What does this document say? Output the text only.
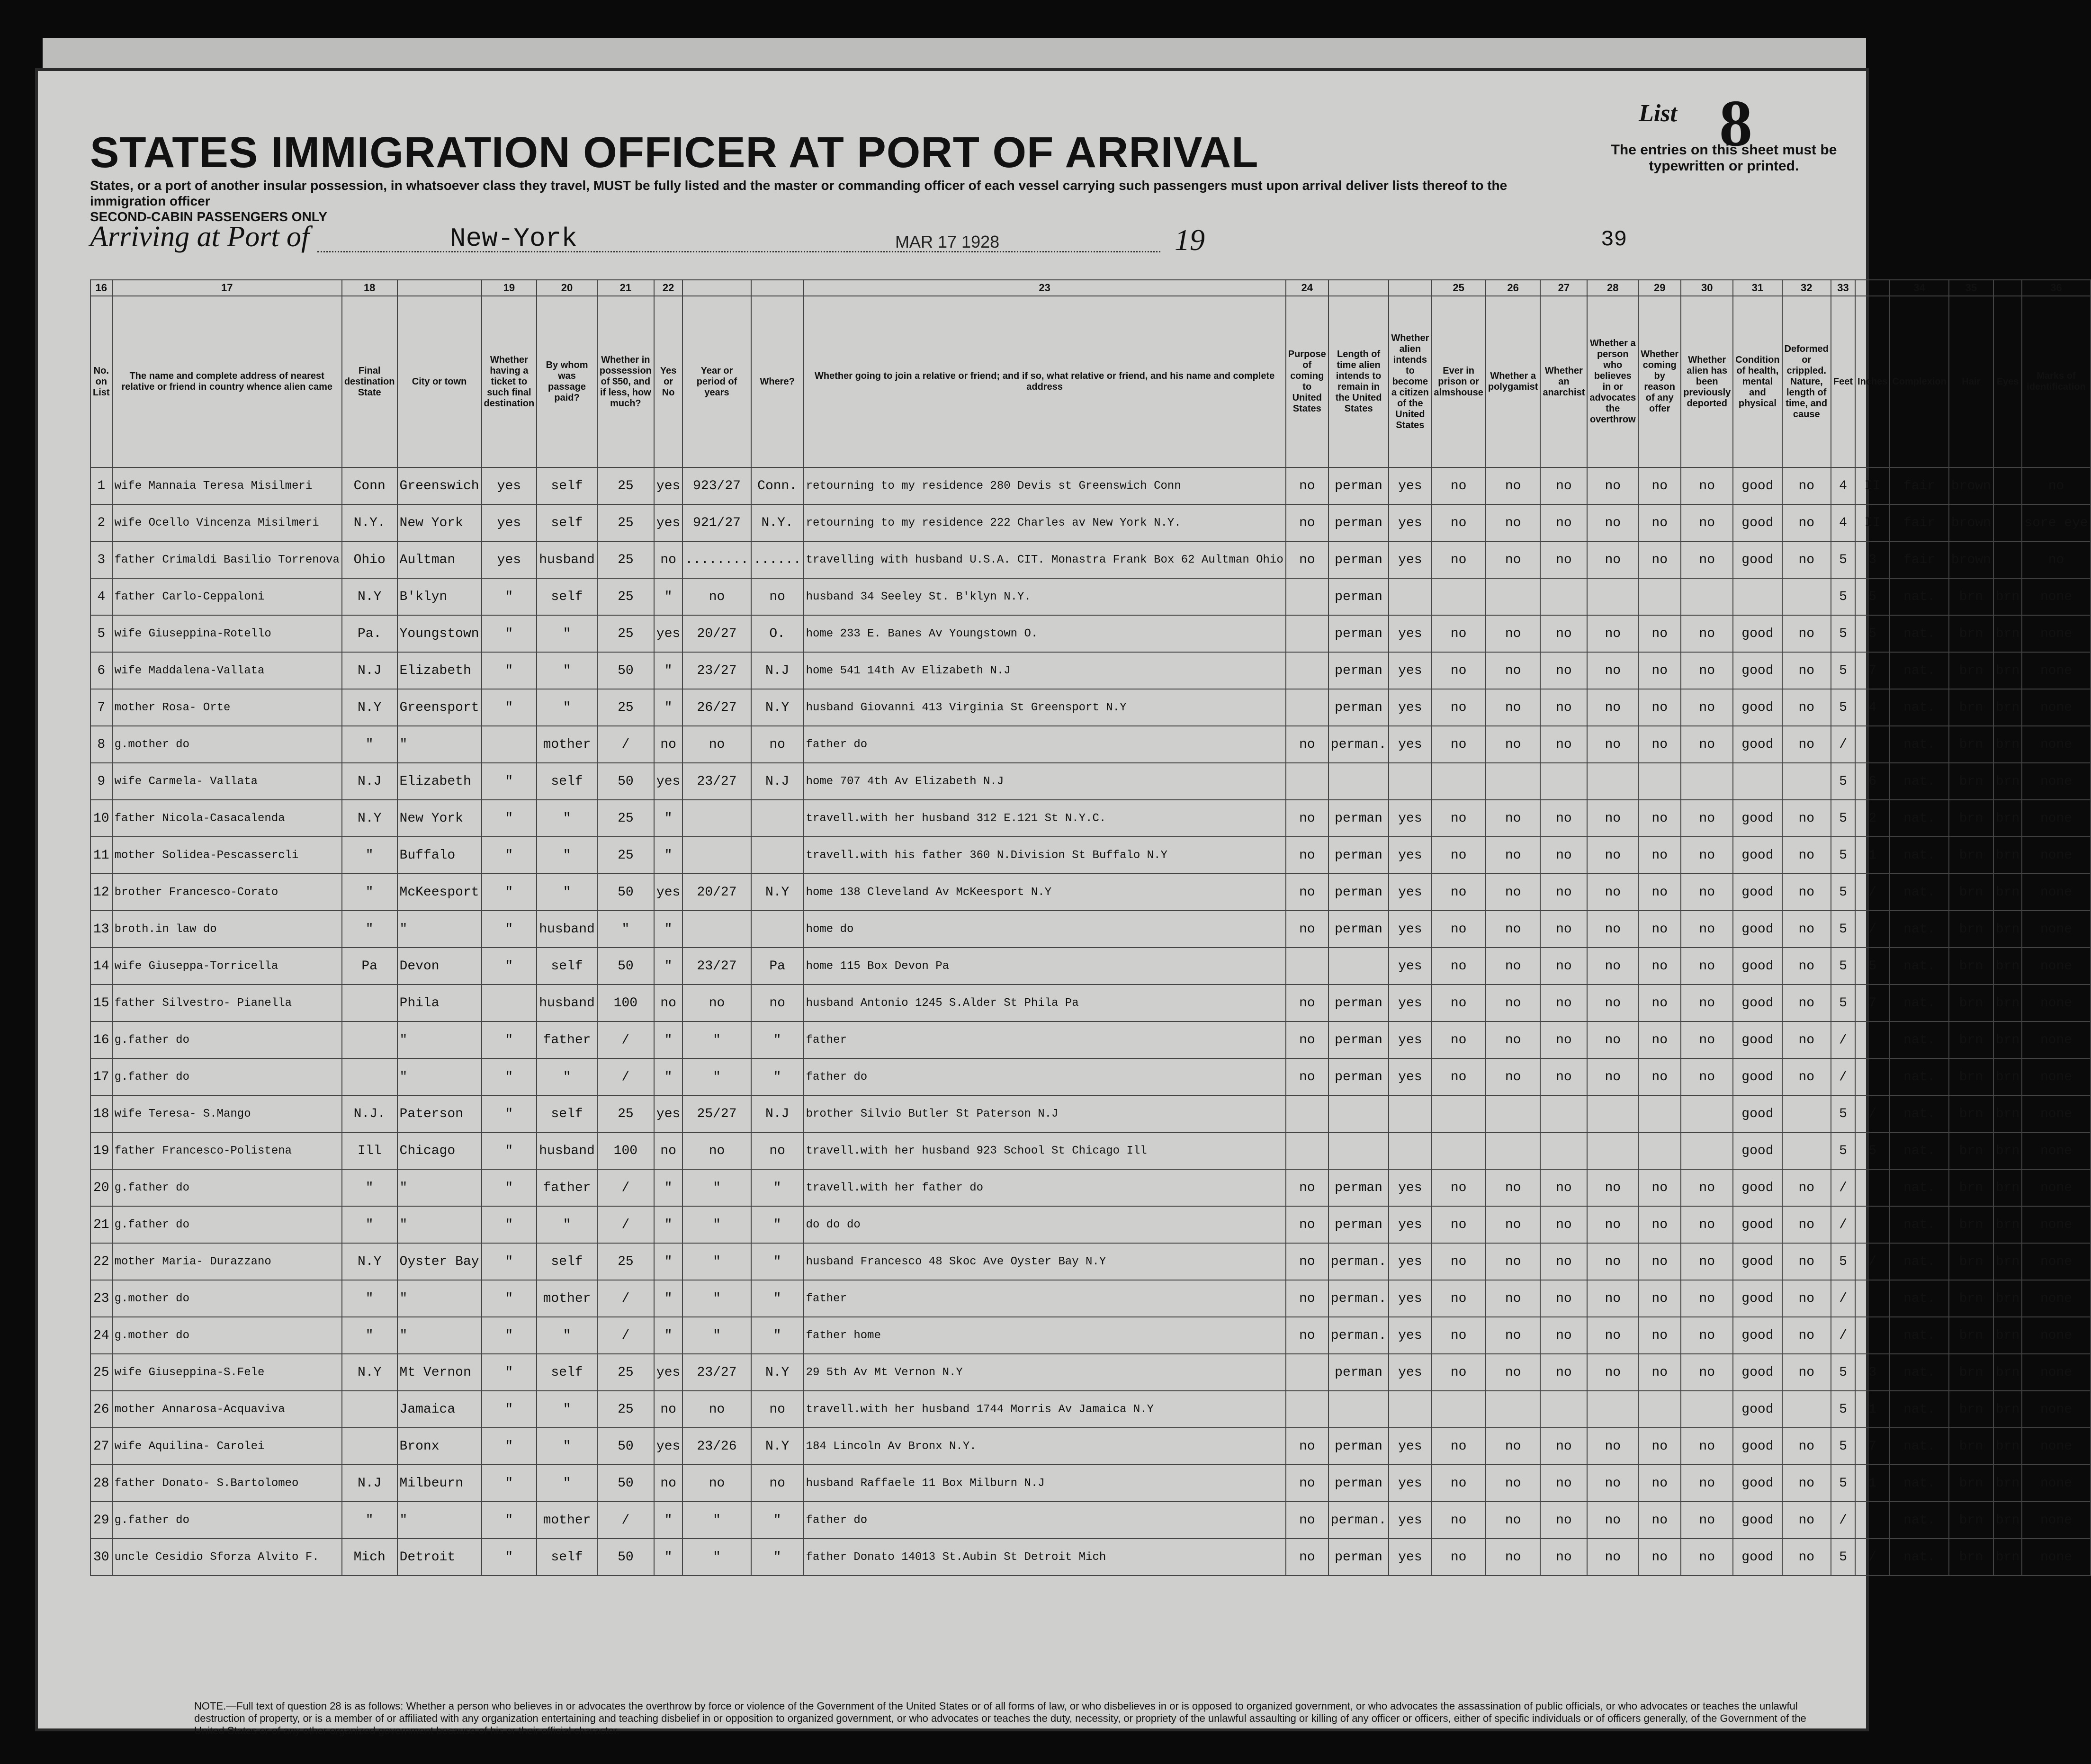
STATES IMMIGRATION OFFICER AT PORT OF ARRIVAL
States, or a port of another insular possession, in whatsoever class they travel, MUST be fully listed and the master or commanding officer of each vessel carrying such passengers must upon arrival deliver lists thereof to the immigration officer
SECOND-CABIN PASSENGERS ONLY
List 8
The entries on this sheet must be typewritten or printed.
Arriving at Port of	New-York	MAR 17 1928	19	39
16	17	18		19	20	21	22			23	24			25	26	27	28	29	30	31	32	33		34	35		36
No. on List	The name and complete address of nearest relative or friend in country whence alien came	Final destination State	City or town	Whether having a ticket to such final destination	By whom was passage paid?	Whether in possession of $50, and if less, how much?	Yes or No	Year or period of years	Where?	Whether going to join a relative or friend; and if so, what relative or friend, and his name and complete address	Purpose of coming to United States	Length of time alien intends to remain in the United States	Whether alien intends to become a citizen of the United States	Ever in prison or almshouse	Whether a polygamist	Whether an anarchist	Whether a person who believes in or advocates the overthrow	Whether coming by reason of any offer	Whether alien has been previously deported	Condition of health, mental and physical	Deformed or crippled. Nature, length of time, and cause	Feet	Inches	Complexion	Hair	Eyes	Marks of identification
1	wife Mannaia Teresa Misilmeri	Conn	Greenswich	yes	self	25	yes	923/27	Conn.	retourning to my residence 280 Devis st Greenswich Conn	no	perman	yes	no	no	no	no	no	no	good	no	4	II	fair	brown		no
2	wife Ocello Vincenza Misilmeri	N.Y.	New York	yes	self	25	yes	921/27	N.Y.	retourning to my residence 222 Charles av New York N.Y.	no	perman	yes	no	no	no	no	no	no	good	no	4	II	fair	brown		sore eye
3	father Crimaldi Basilio Torrenova	Ohio	Aultman	yes	husband	25	no	........	......	travelling with husband U.S.A. CIT. Monastra Frank Box 62 Aultman Ohio	no	perman	yes	no	no	no	no	no	no	good	no	5	3	fair	brown		no
4	father Carlo-Ceppaloni	N.Y	B'klyn	"	self	25	"	no	no	husband 34 Seeley St. B'klyn N.Y.		perman										5	5	nat.	brn	brn	none
5	wife Giuseppina-Rotello	Pa.	Youngstown	"	"	25	yes	20/27	O.	home 233 E. Banes Av Youngstown O.		perman	yes	no	no	no	no	no	no	good	no	5	5	nat.	brn	brn	none
6	wife Maddalena-Vallata	N.J	Elizabeth	"	"	50	"	23/27	N.J	home 541 14th Av Elizabeth N.J		perman	yes	no	no	no	no	no	no	good	no	5	7	nat.	brn	brn	none
7	mother Rosa- Orte	N.Y	Greensport	"	"	25	"	26/27	N.Y	husband Giovanni 413 Virginia St Greensport N.Y		perman	yes	no	no	no	no	no	no	good	no	5	4	nat.	brn	brn	none
8	g.mother do	"	"		mother	/	no	no	no	father do	no	perman.	yes	no	no	no	no	no	no	good	no	/		nat.	brn	brn	none
9	wife Carmela- Vallata	N.J	Elizabeth	"	self	50	yes	23/27	N.J	home 707 4th Av Elizabeth N.J												5	6	nat.	brn	brn	none
10	father Nicola-Casacalenda	N.Y	New York	"	"	25	"			travell.with her husband 312 E.121 St N.Y.C.	no	perman	yes	no	no	no	no	no	no	good	no	5	2	nat.	brn	brn	none
11	mother Solidea-Pescassercli	"	Buffalo	"	"	25	"			travell.with his father 360 N.Division St Buffalo N.Y	no	perman	yes	no	no	no	no	no	no	good	no	5	1	nat.	brn	brn	none
12	brother Francesco-Corato	"	McKeesport	"	"	50	yes	20/27	N.Y	home 138 Cleveland Av McKeesport N.Y	no	perman	yes	no	no	no	no	no	no	good	no	5	/	nat.	brn	brn	none
13	broth.in law do	"	"	"	husband	"	"			home do	no	perman	yes	no	no	no	no	no	no	good	no	5	/	nat.	brn	brn	none
14	wife Giuseppa-Torricella	Pa	Devon	"	self	50	"	23/27	Pa	home 115 Box Devon Pa			yes	no	no	no	no	no	no	good	no	5	5	nat.	brn	brn	none
15	father Silvestro- Pianella		Phila		husband	100	no	no	no	husband Antonio 1245 S.Alder St Phila Pa	no	perman	yes	no	no	no	no	no	no	good	no	5	7	nat.	brn	brn	none
16	g.father do		"	"	father	/	"	"	"	father	no	perman	yes	no	no	no	no	no	no	good	no	/		nat.	brn	brn	none
17	g.father do		"	"	"	/	"	"	"	father do	no	perman	yes	no	no	no	no	no	no	good	no	/		nat.	brn	brn	none
18	wife Teresa- S.Mango	N.J.	Paterson	"	self	25	yes	25/27	N.J	brother Silvio Butler St Paterson N.J										good		5	/	nat.	brn	brn	none
19	father Francesco-Polistena	Ill	Chicago	"	husband	100	no	no	no	travell.with her husband 923 School St Chicago Ill										good		5	5	nat.	brn	brn	none
20	g.father do	"	"	"	father	/	"	"	"	travell.with her father do	no	perman	yes	no	no	no	no	no	no	good	no	/		nat.	brn	brn	none
21	g.father do	"	"	"	"	/	"	"	"	do do do	no	perman	yes	no	no	no	no	no	no	good	no	/		nat.	brn	brn	none
22	mother Maria- Durazzano	N.Y	Oyster Bay	"	self	25	"	"	"	husband Francesco 48 Skoc Ave Oyster Bay N.Y	no	perman.	yes	no	no	no	no	no	no	good	no	5	/	nat.	brn	brn	none
23	g.mother do	"	"	"	mother	/	"	"	"	father	no	perman.	yes	no	no	no	no	no	no	good	no	/		nat.	brn	brn	none
24	g.mother do	"	"	"	"	/	"	"	"	father home	no	perman.	yes	no	no	no	no	no	no	good	no	/		nat.	brn	brn	none
25	wife Giuseppina-S.Fele	N.Y	Mt Vernon	"	self	25	yes	23/27	N.Y	29 5th Av Mt Vernon N.Y		perman	yes	no	no	no	no	no	no	good	no	5	3	nat.	brn	brn	none
26	mother Annarosa-Acquaviva		Jamaica	"	"	25	no	no	no	travell.with her husband 1744 Morris Av Jamaica N.Y										good		5	1	nat.	brn	brn	none
27	wife Aquilina- Carolei		Bronx	"	"	50	yes	23/26	N.Y	184 Lincoln Av Bronx N.Y.	no	perman	yes	no	no	no	no	no	no	good	no	5	7	nat.	brn	brn	none
28	father Donato- S.Bartolomeo	N.J	Milbeurn	"	"	50	no	no	no	husband Raffaele 11 Box Milburn N.J	no	perman	yes	no	no	no	no	no	no	good	no	5	1	nat.	brn	brn	none
29	g.father do	"	"	"	mother	/	"	"	"	father do	no	perman.	yes	no	no	no	no	no	no	good	no	/		nat.	brn	brn	none
30	uncle Cesidio Sforza Alvito F.	Mich	Detroit	"	self	50	"	"	"	father Donato 14013 St.Aubin St Detroit Mich	no	perman	yes	no	no	no	no	no	no	good	no	5	/	nat.	brn	brn	none
NOTE.—Full text of question 28 is as follows: Whether a person who believes in or advocates the overthrow by force or violence of the Government of the United States or of all forms of law, or who disbelieves in or is opposed to organized government, or who advocates the assassination of public officials, or who advocates or teaches the unlawful destruction of property, or is a member of or affiliated with any organization entertaining and teaching disbelief in or opposition to organized government, or who advocates or teaches the duty, necessity, or propriety of the unlawful assaulting or killing of any officer or officers, either of specific individuals or of officers generally, of the Government of the United States or of any other organized government because of his or their official character.
